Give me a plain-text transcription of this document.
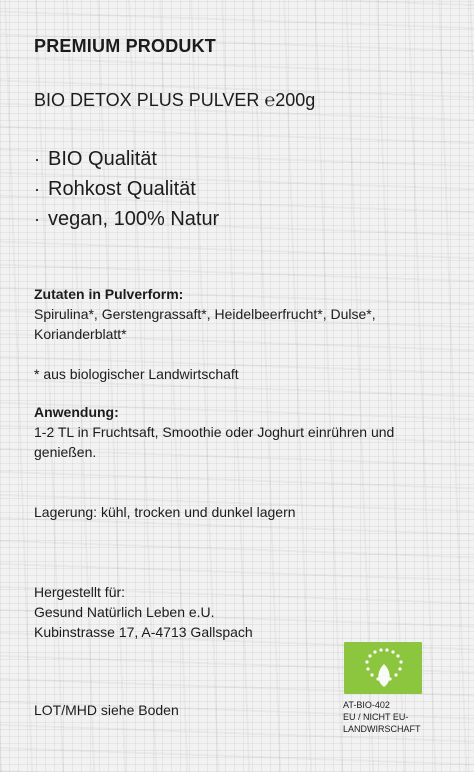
PREMIUM PRODUKT
BIO DETOX PLUS PULVER ℮200g
· BIO Qualität
· Rohkost Qualität
· vegan, 100% Natur
Zutaten in Pulverform:
Spirulina*, Gerstengrassaft*, Heidelbeerfrucht*, Dulse*, Korianderblatt*
* aus biologischer Landwirtschaft
Anwendung:
1-2 TL in Fruchtsaft, Smoothie oder Joghurt einrühren und genießen.
Lagerung: kühl, trocken und dunkel lagern
Hergestellt für:
Gesund Natürlich Leben e.U.
Kubinstrasse 17, A-4713 Gallspach
LOT/MHD siehe Boden	AT-BIO-402
EU / NICHT EU-
LANDWIRSCHAFT
